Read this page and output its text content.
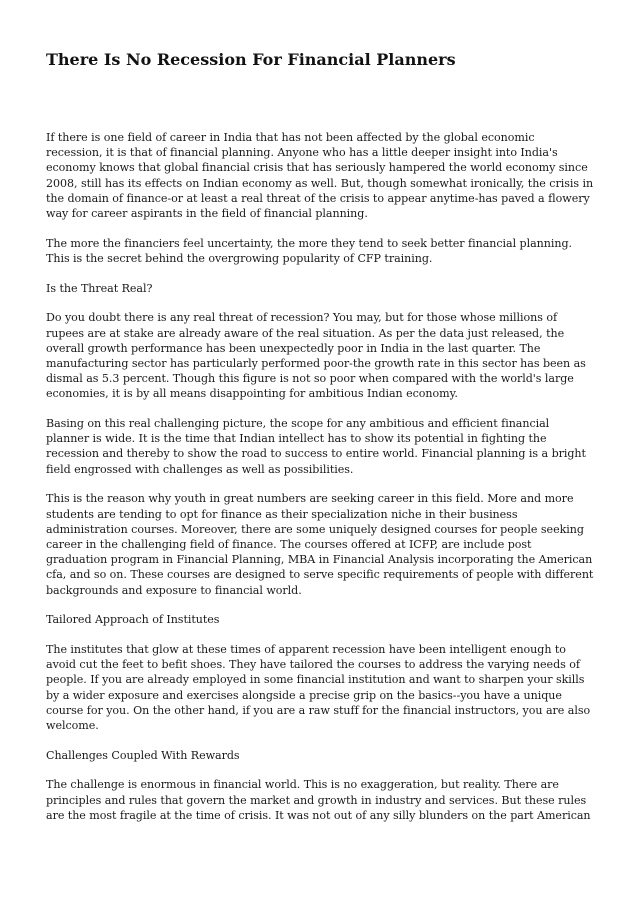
There Is No Recession For Financial Planners

If there is one field of career in India that has not been affected by the global economic recession, it is that of financial planning. Anyone who has a little deeper insight into India's economy knows that global financial crisis that has seriously hampered the world economy since 2008, still has its effects on Indian economy as well. But, though somewhat ironically, the crisis in the domain of finance-or at least a real threat of the crisis to appear anytime-has paved a flowery way for career aspirants in the field of financial planning.

The more the financiers feel uncertainty, the more they tend to seek better financial planning. This is the secret behind the overgrowing popularity of CFP training.

Is the Threat Real?

Do you doubt there is any real threat of recession? You may, but for those whose millions of rupees are at stake are already aware of the real situation. As per the data just released, the overall growth performance has been unexpectedly poor in India in the last quarter. The manufacturing sector has particularly performed poor-the growth rate in this sector has been as dismal as 5.3 percent. Though this figure is not so poor when compared with the world's large economies, it is by all means disappointing for ambitious Indian economy.

Basing on this real challenging picture, the scope for any ambitious and efficient financial planner is wide. It is the time that Indian intellect has to show its potential in fighting the recession and thereby to show the road to success to entire world. Financial planning is a bright field engrossed with challenges as well as possibilities.

This is the reason why youth in great numbers are seeking career in this field. More and more students are tending to opt for finance as their specialization niche in their business administration courses. Moreover, there are some uniquely designed courses for people seeking career in the challenging field of finance. The courses offered at ICFP, are include post graduation program in Financial Planning, MBA in Financial Analysis incorporating the American cfa, and so on. These courses are designed to serve specific requirements of people with different backgrounds and exposure to financial world.

Tailored Approach of Institutes

The institutes that glow at these times of apparent recession have been intelligent enough to avoid cut the feet to befit shoes. They have tailored the courses to address the varying needs of people. If you are already employed in some financial institution and want to sharpen your skills by a wider exposure and exercises alongside a precise grip on the basics--you have a unique course for you. On the other hand, if you are a raw stuff for the financial instructors, you are also welcome.

Challenges Coupled With Rewards

The challenge is enormous in financial world. This is no exaggeration, but reality. There are principles and rules that govern the market and growth in industry and services. But these rules are the most fragile at the time of crisis. It was not out of any silly blunders on the part American
